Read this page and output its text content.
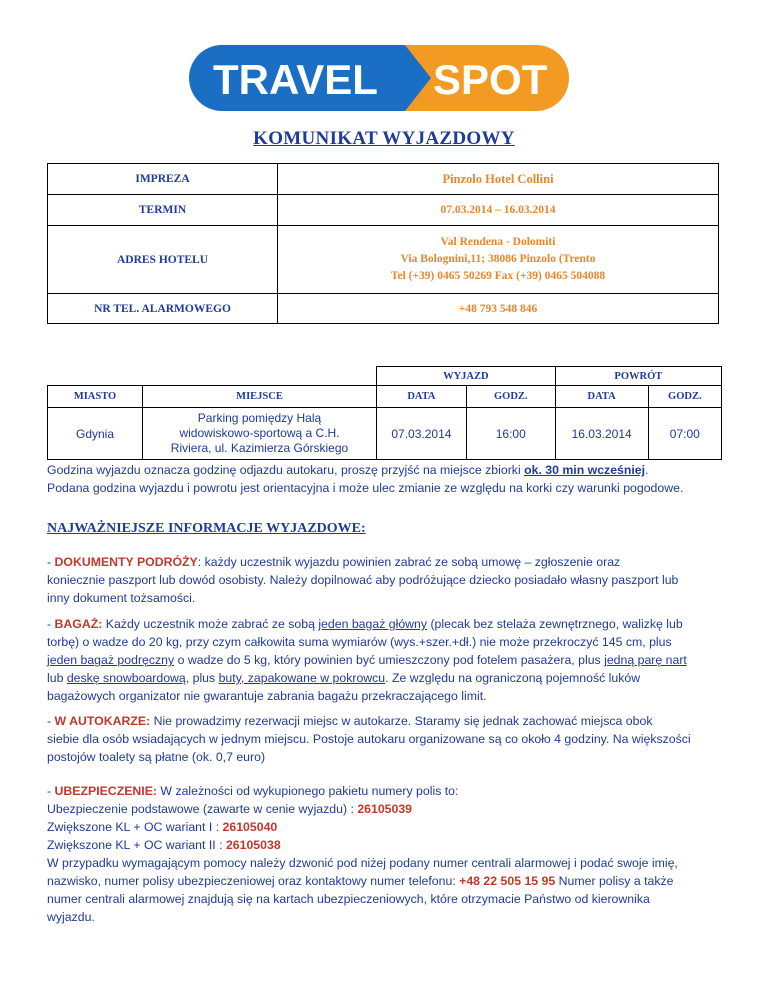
TRAVEL SPOT
KOMUNIKAT WYJAZDOWY
IMPREZA	Pinzolo Hotel Collini
TERMIN	07.03.2014 – 16.03.2014
ADRES HOTELU	Val Rendena - Dolomiti
Via Bolognini,11; 38086 Pinzolo (Trento
Tel (+39) 0465 50269 Fax (+39) 0465 504088

NR TEL. ALARMOWEGO	+48 793 548 846
		WYJAZD		POWRÓT	
MIASTO	MIEJSCE	DATA	GODZ.	DATA	GODZ.
Gdynia	Parking pomiędzy Halą
widowiskowo-sportową a C.H.
Riviera, ul. Kazimierza Górskiego	07.03.2014	16:00	16.03.2014	07:00
Godzina wyjazdu oznacza godzinę odjazdu autokaru, proszę przyjść na miejsce zbiorki ok. 30 min wcześniej.
Podana godzina wyjazdu i powrotu jest orientacyjna i może ulec zmianie ze względu na korki czy warunki pogodowe.
NAJWAŻNIEJSZE INFORMACJE WYJAZDOWE:
- DOKUMENTY PODRÓŻY: każdy uczestnik wyjazdu powinien zabrać ze sobą umowę – zgłoszenie oraz
koniecznie paszport lub dowód osobisty. Należy dopilnować aby podróżujące dziecko posiadało własny paszport lub
inny dokument tożsamości.
- BAGAŻ: Każdy uczestnik może zabrać ze sobą jeden bagaż główny (plecak bez stelaża zewnętrznego, walizkę lub
torbę) o wadze do 20 kg, przy czym całkowita suma wymiarów (wys.+szer.+dł.) nie może przekroczyć 145 cm, plus
jeden bagaż podręczny o wadze do 5 kg, który powinien być umieszczony pod fotelem pasażera, plus jedną parę nart
lub deskę snowboardową, plus buty, zapakowane w pokrowcu. Ze względu na ograniczoną pojemność luków
bagażowych organizator nie gwarantuje zabrania bagażu przekraczającego limit.
- W AUTOKARZE: Nie prowadzimy rezerwacji miejsc w autokarze. Staramy się jednak zachować miejsca obok
siebie dla osób wsiadających w jednym miejscu. Postoje autokaru organizowane są co około 4 godziny. Na większości
postojów toalety są płatne (ok. 0,7 euro)
- UBEZPIECZENIE: W zależności od wykupionego pakietu numery polis to:
Ubezpieczenie podstawowe (zawarte w cenie wyjazdu) : 26105039
Zwiększone KL + OC wariant I : 26105040
Zwiększone KL + OC wariant II : 26105038
W przypadku wymagającym pomocy należy dzwonić pod niżej podany numer centrali alarmowej i podać swoje imię,
nazwisko, numer polisy ubezpieczeniowej oraz kontaktowy numer telefonu: +48 22 505 15 95 Numer polisy a także
numer centrali alarmowej znajdują się na kartach ubezpieczeniowych, które otrzymacie Państwo od kierownika
wyjazdu.
